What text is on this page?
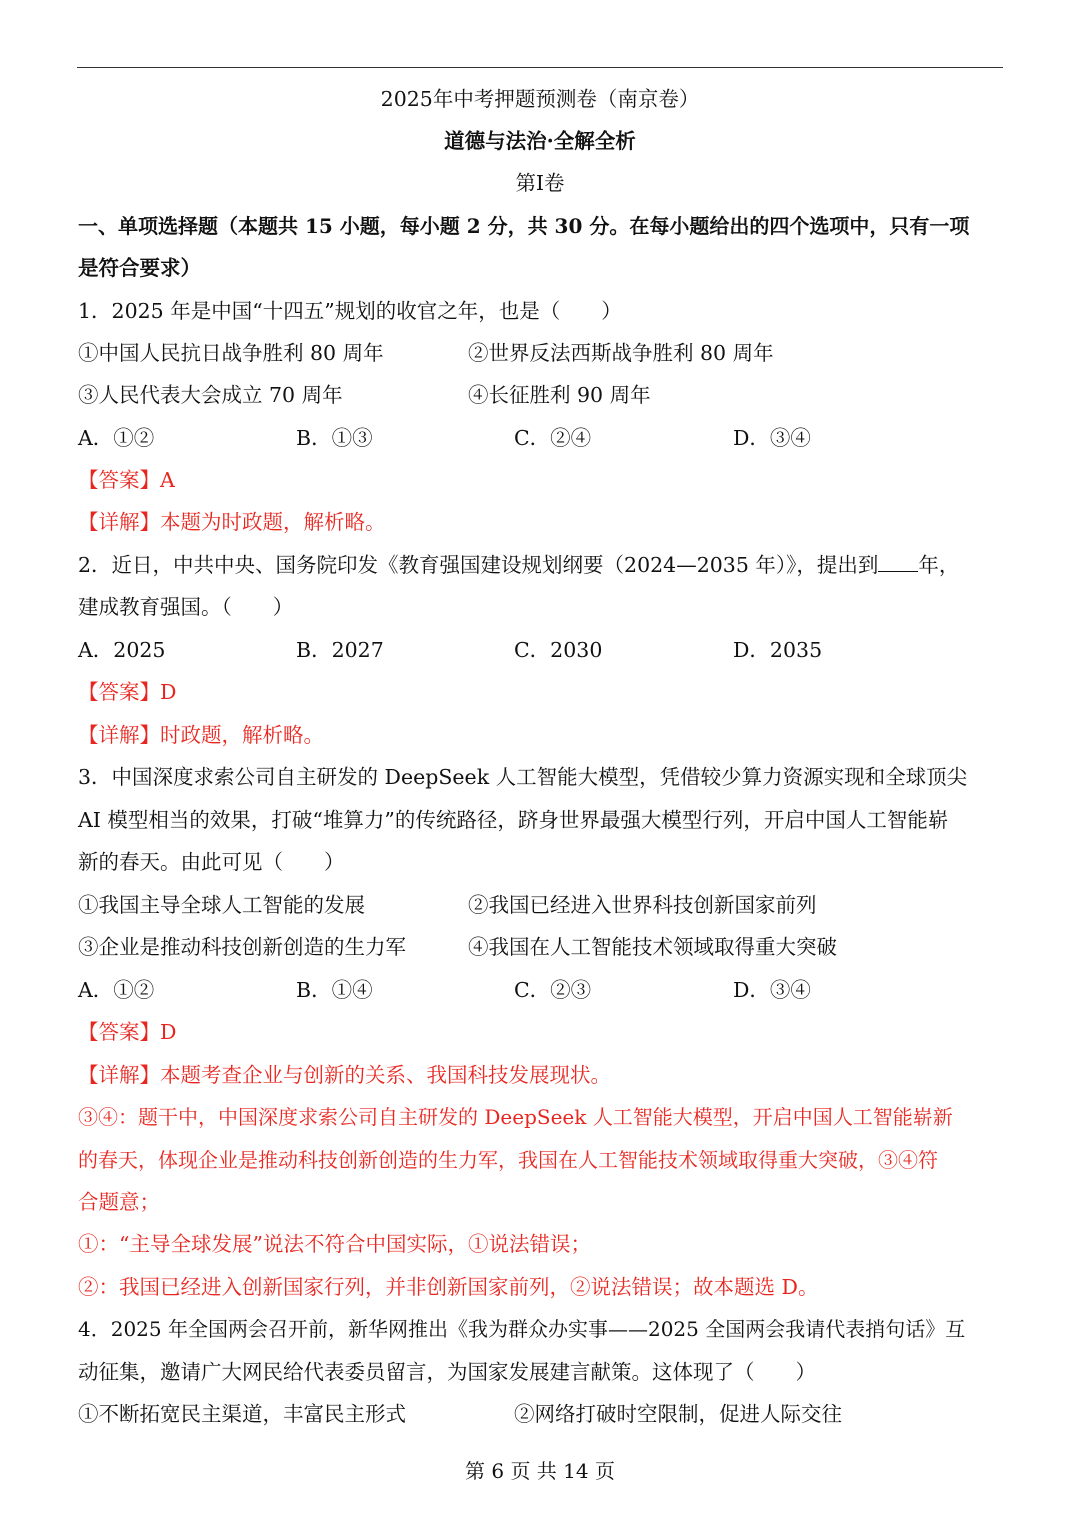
2025年中考押题预测卷（南京卷）
道德与法治·全解全析
第I卷
一、单项选择题（本题共 15 小题，每小题 2 分，共 30 分。在每小题给出的四个选项中，只有一项
是符合要求）
1．2025 年是中国“十四五”规划的收官之年，也是（　　）
①中国人民抗日战争胜利 80 周年	②世界反法西斯战争胜利 80 周年
③人民代表大会成立 70 周年	④长征胜利 90 周年
A．①②	B．①③	C．②④	D．③④
【答案】A
【详解】本题为时政题，解析略。
2．近日，中共中央、国务院印发《教育强国建设规划纲要（2024—2035 年）》，提出到 年，
建成教育强国。（　　）
A．2025	B．2027	C．2030	D．2035
【答案】D
【详解】时政题，解析略。
3．中国深度求索公司自主研发的 DeepSeek 人工智能大模型，凭借较少算力资源实现和全球顶尖
AI 模型相当的效果，打破“堆算力”的传统路径，跻身世界最强大模型行列，开启中国人工智能崭
新的春天。由此可见（　　）
①我国主导全球人工智能的发展	②我国已经进入世界科技创新国家前列
③企业是推动科技创新创造的生力军	④我国在人工智能技术领域取得重大突破
A．①②	B．①④	C．②③	D．③④
【答案】D
【详解】本题考查企业与创新的关系、我国科技发展现状。
③④：题干中，中国深度求索公司自主研发的 DeepSeek 人工智能大模型，开启中国人工智能崭新
的春天，体现企业是推动科技创新创造的生力军，我国在人工智能技术领域取得重大突破，③④符
合题意；
①：“主导全球发展”说法不符合中国实际，①说法错误；
②：我国已经进入创新国家行列，并非创新国家前列，②说法错误；故本题选 D。
4．2025 年全国两会召开前，新华网推出《我为群众办实事——2025 全国两会我请代表捎句话》互
动征集，邀请广大网民给代表委员留言，为国家发展建言献策。这体现了（　　）
①不断拓宽民主渠道，丰富民主形式	②网络打破时空限制，促进人际交往
第 6 页 共 14 页
